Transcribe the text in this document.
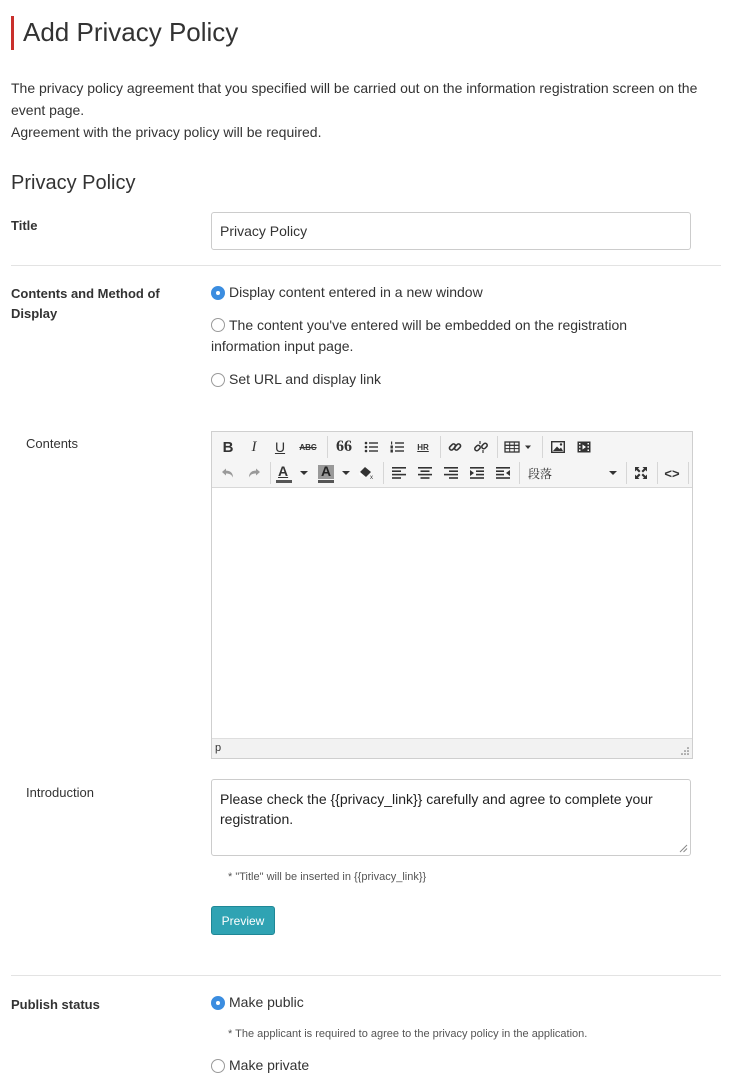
Add Privacy Policy
The privacy policy agreement that you specified will be carried out on the information registration screen on the event page.
Agreement with the privacy policy will be required.
Privacy Policy
Title
Privacy Policy
Contents and Method of Display
Display content entered in a new window
The content you've entered will be embedded on the registration information input page.
Set URL and display link
Contents	B I U ABC 66	HR
A A	x	段落	<>
p
Introduction	Please check the {{privacy_link}} carefully and agree to complete your registration.
* "Title" will be inserted in {{privacy_link}}
Preview
Publish status	Make public
* The applicant is required to agree to the privacy policy in the application.
Make private
